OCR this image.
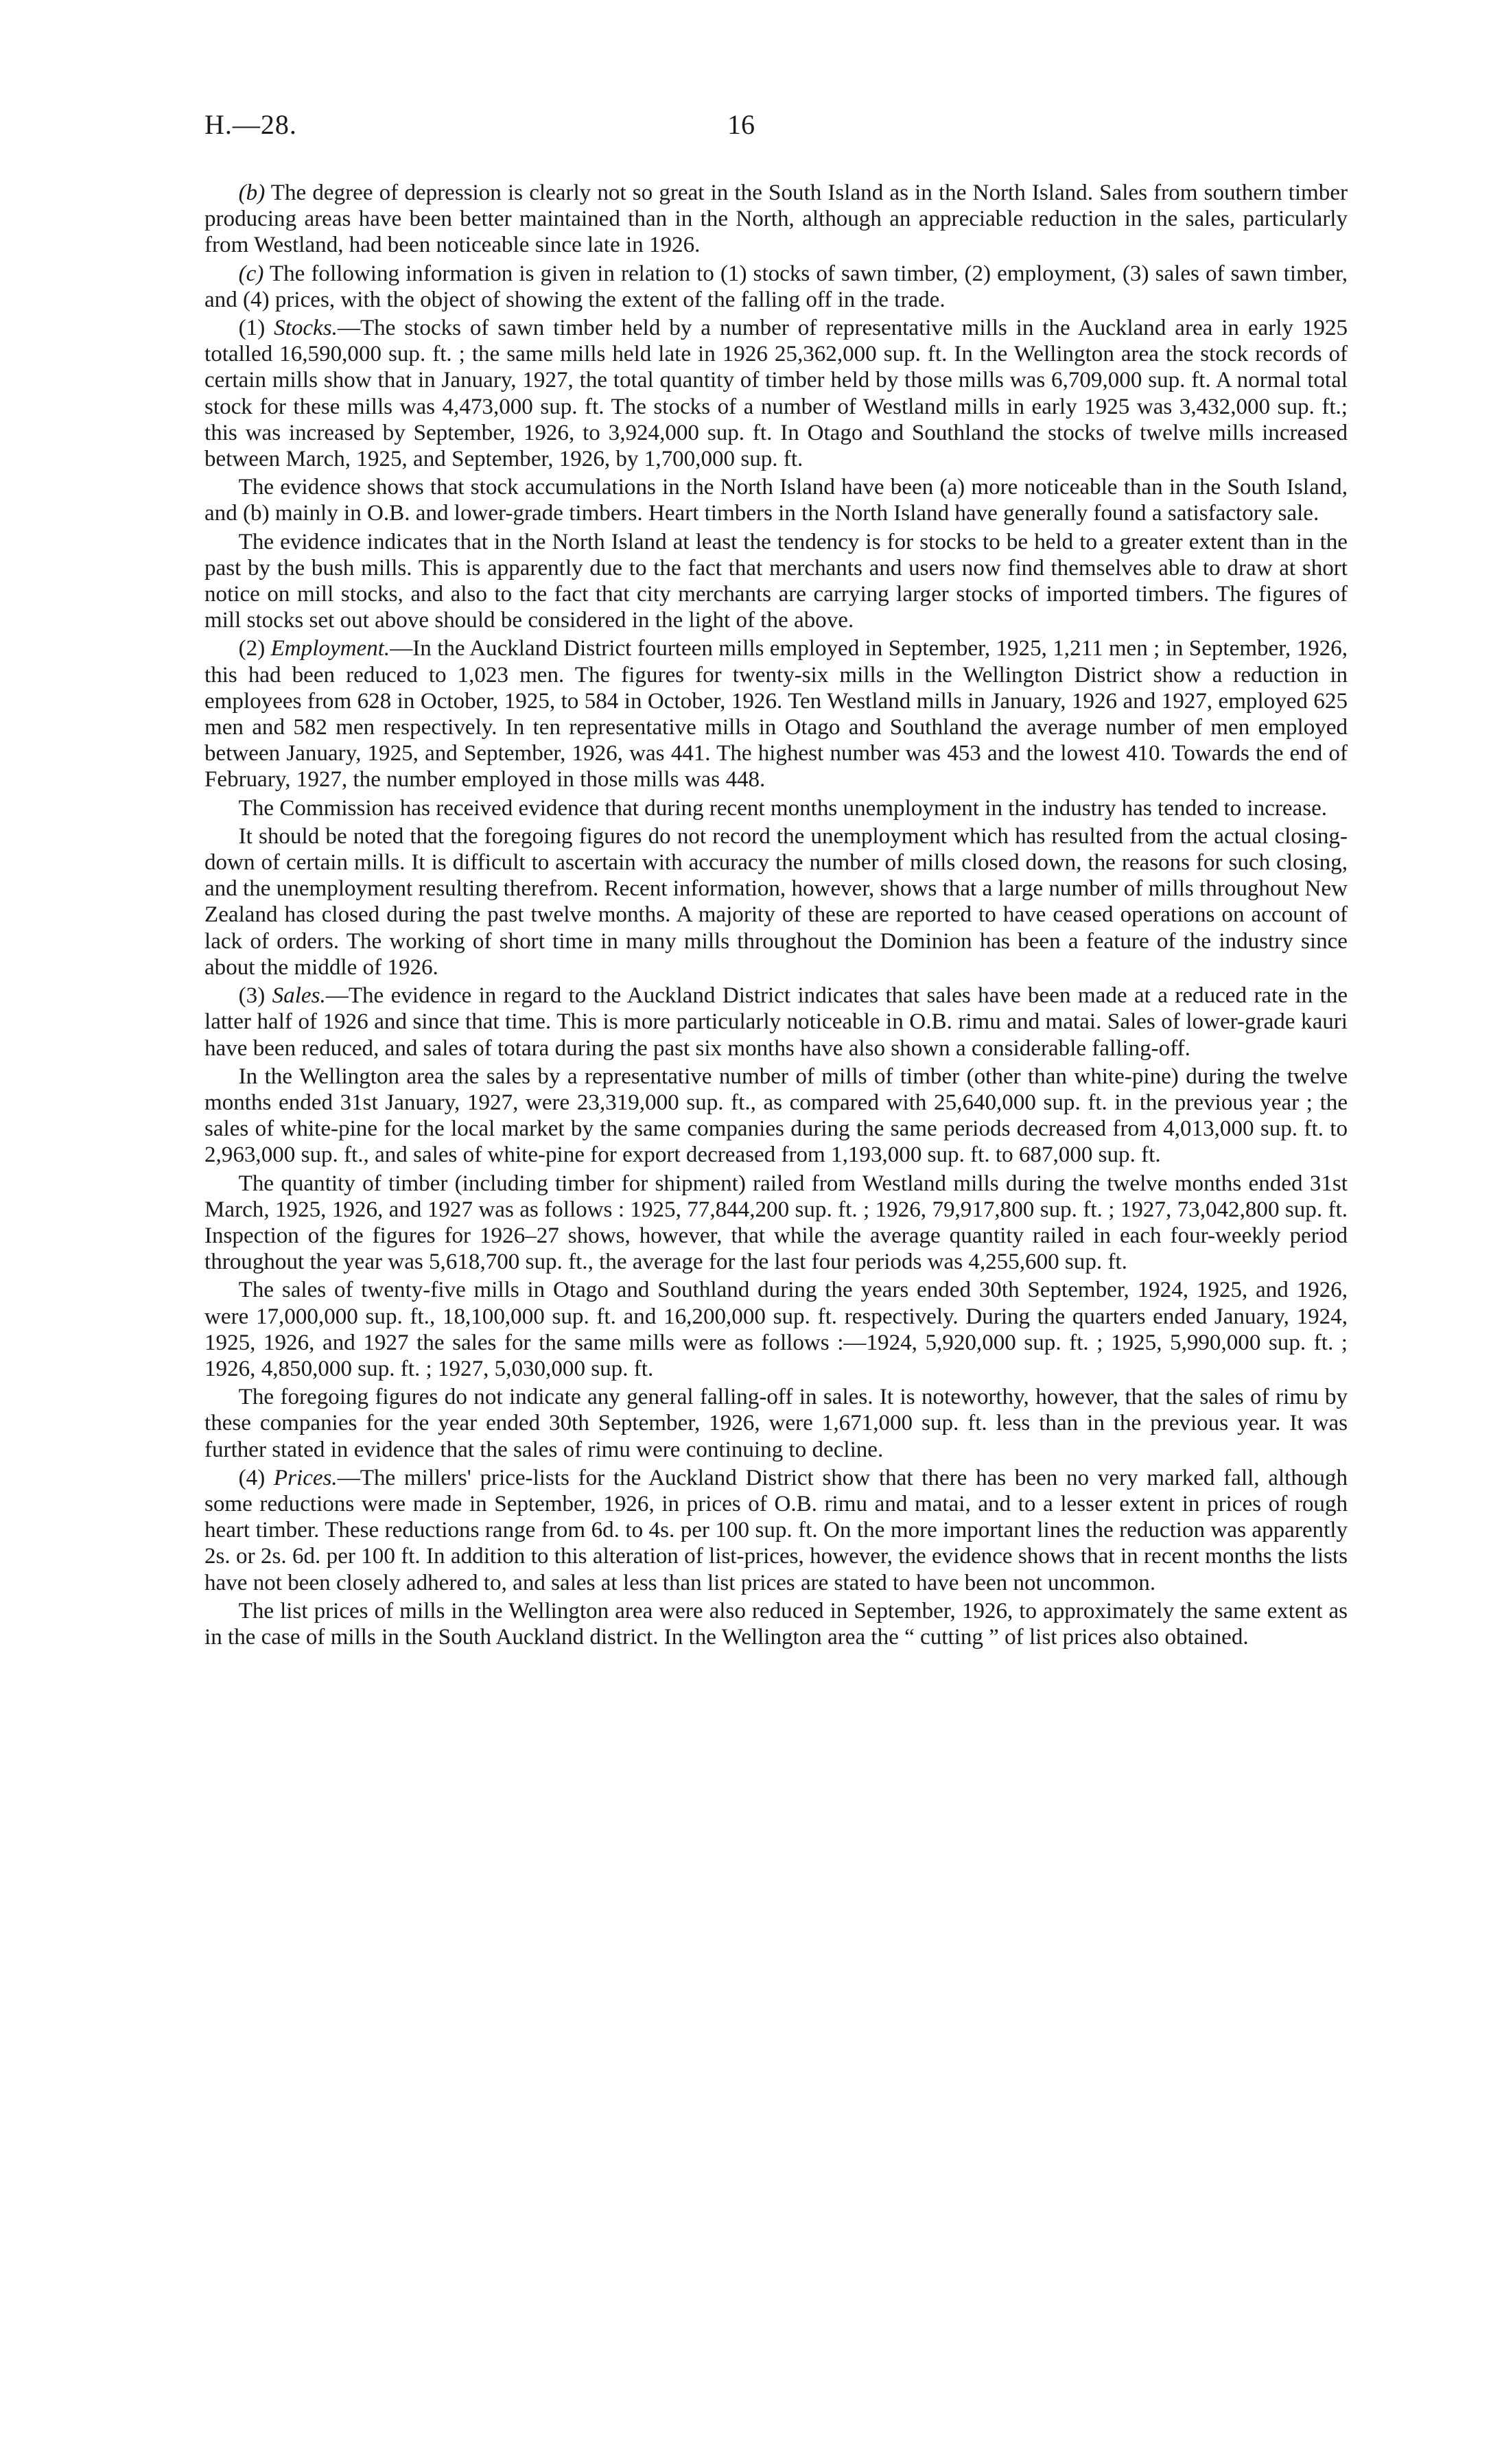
H.—28.	16

(b) The degree of depression is clearly not so great in the South Island as in the North Island. Sales from southern timber producing areas have been better maintained than in the North, although an appreciable reduction in the sales, particularly from Westland, had been noticeable since late in 1926.

(c) The following information is given in relation to (1) stocks of sawn timber, (2) employment, (3) sales of sawn timber, and (4) prices, with the object of showing the extent of the falling off in the trade.

(1) Stocks.—The stocks of sawn timber held by a number of representative mills in the Auckland area in early 1925 totalled 16,590,000 sup. ft. ; the same mills held late in 1926 25,362,000 sup. ft. In the Wellington area the stock records of certain mills show that in January, 1927, the total quantity of timber held by those mills was 6,709,000 sup. ft. A normal total stock for these mills was 4,473,000 sup. ft. The stocks of a number of Westland mills in early 1925 was 3,432,000 sup. ft.; this was increased by September, 1926, to 3,924,000 sup. ft. In Otago and Southland the stocks of twelve mills increased between March, 1925, and September, 1926, by 1,700,000 sup. ft.

The evidence shows that stock accumulations in the North Island have been (a) more noticeable than in the South Island, and (b) mainly in O.B. and lower-grade timbers. Heart timbers in the North Island have generally found a satisfactory sale.

The evidence indicates that in the North Island at least the tendency is for stocks to be held to a greater extent than in the past by the bush mills. This is apparently due to the fact that merchants and users now find themselves able to draw at short notice on mill stocks, and also to the fact that city merchants are carrying larger stocks of imported timbers. The figures of mill stocks set out above should be considered in the light of the above.

(2) Employment.—In the Auckland District fourteen mills employed in September, 1925, 1,211 men ; in September, 1926, this had been reduced to 1,023 men. The figures for twenty-six mills in the Wellington District show a reduction in employees from 628 in October, 1925, to 584 in October, 1926. Ten Westland mills in January, 1926 and 1927, employed 625 men and 582 men respectively. In ten representative mills in Otago and Southland the average number of men employed between January, 1925, and September, 1926, was 441. The highest number was 453 and the lowest 410. Towards the end of February, 1927, the number employed in those mills was 448.

The Commission has received evidence that during recent months unemployment in the industry has tended to increase.

It should be noted that the foregoing figures do not record the unemployment which has resulted from the actual closing-down of certain mills. It is difficult to ascertain with accuracy the number of mills closed down, the reasons for such closing, and the unemployment resulting therefrom. Recent information, however, shows that a large number of mills throughout New Zealand has closed during the past twelve months. A majority of these are reported to have ceased operations on account of lack of orders. The working of short time in many mills throughout the Dominion has been a feature of the industry since about the middle of 1926.

(3) Sales.—The evidence in regard to the Auckland District indicates that sales have been made at a reduced rate in the latter half of 1926 and since that time. This is more particularly noticeable in O.B. rimu and matai. Sales of lower-grade kauri have been reduced, and sales of totara during the past six months have also shown a considerable falling-off.

In the Wellington area the sales by a representative number of mills of timber (other than white-pine) during the twelve months ended 31st January, 1927, were 23,319,000 sup. ft., as compared with 25,640,000 sup. ft. in the previous year ; the sales of white-pine for the local market by the same companies during the same periods decreased from 4,013,000 sup. ft. to 2,963,000 sup. ft., and sales of white-pine for export decreased from 1,193,000 sup. ft. to 687,000 sup. ft.

The quantity of timber (including timber for shipment) railed from Westland mills during the twelve months ended 31st March, 1925, 1926, and 1927 was as follows : 1925, 77,844,200 sup. ft. ; 1926, 79,917,800 sup. ft. ; 1927, 73,042,800 sup. ft. Inspection of the figures for 1926–27 shows, however, that while the average quantity railed in each four-weekly period throughout the year was 5,618,700 sup. ft., the average for the last four periods was 4,255,600 sup. ft.

The sales of twenty-five mills in Otago and Southland during the years ended 30th September, 1924, 1925, and 1926, were 17,000,000 sup. ft., 18,100,000 sup. ft. and 16,200,000 sup. ft. respectively. During the quarters ended January, 1924, 1925, 1926, and 1927 the sales for the same mills were as follows :—1924, 5,920,000 sup. ft. ; 1925, 5,990,000 sup. ft. ; 1926, 4,850,000 sup. ft. ; 1927, 5,030,000 sup. ft.

The foregoing figures do not indicate any general falling-off in sales. It is noteworthy, however, that the sales of rimu by these companies for the year ended 30th September, 1926, were 1,671,000 sup. ft. less than in the previous year. It was further stated in evidence that the sales of rimu were continuing to decline.

(4) Prices.—The millers' price-lists for the Auckland District show that there has been no very marked fall, although some reductions were made in September, 1926, in prices of O.B. rimu and matai, and to a lesser extent in prices of rough heart timber. These reductions range from 6d. to 4s. per 100 sup. ft. On the more important lines the reduction was apparently 2s. or 2s. 6d. per 100 ft. In addition to this alteration of list-prices, however, the evidence shows that in recent months the lists have not been closely adhered to, and sales at less than list prices are stated to have been not uncommon.

The list prices of mills in the Wellington area were also reduced in September, 1926, to approximately the same extent as in the case of mills in the South Auckland district. In the Wellington area the “ cutting ” of list prices also obtained.
